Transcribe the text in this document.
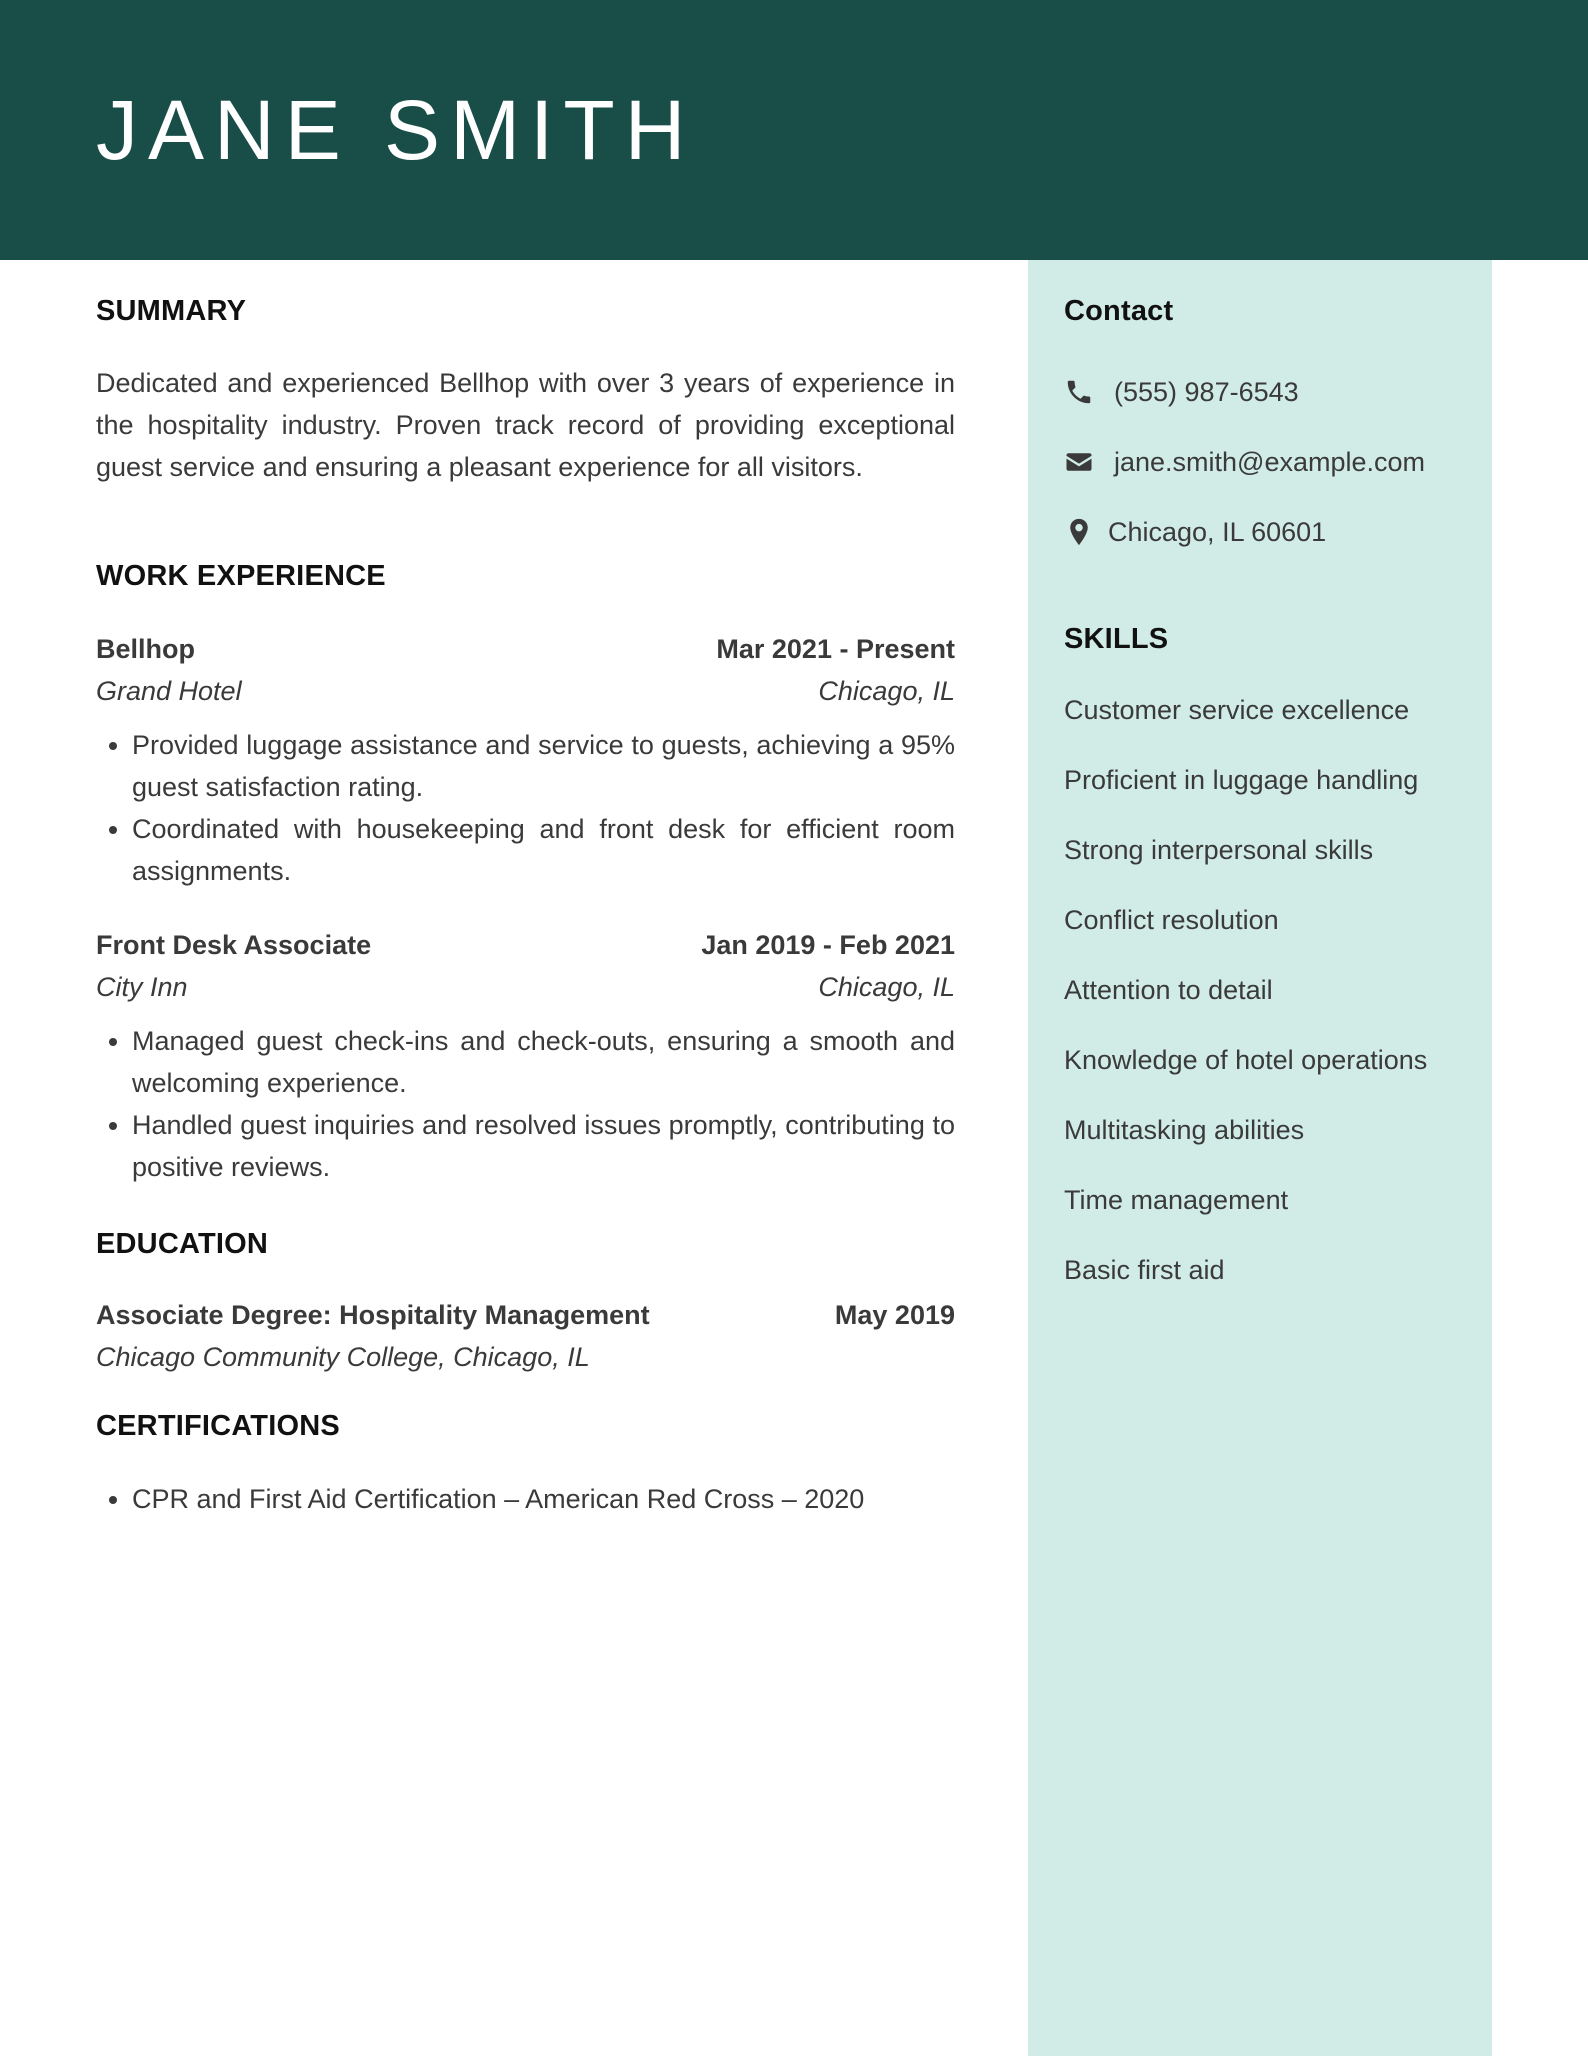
JANE SMITH
Contact
(555) 987-6543
jane.smith@example.com
Chicago, IL 60601
SKILLS
Customer service excellence
Proficient in luggage handling
Strong interpersonal skills
Conflict resolution
Attention to detail
Knowledge of hotel operations
Multitasking abilities
Time management
Basic first aid
SUMMARY

Dedicated and experienced Bellhop with over 3 years of experience in the hospitality industry. Proven track record of providing exceptional guest service and ensuring a pleasant experience for all visitors.

WORK EXPERIENCE
Bellhop	Mar 2021 - Present
Grand Hotel	Chicago, IL
• Provided luggage assistance and service to guests, achieving a 95% guest satisfaction rating.
• Coordinated with housekeeping and front desk for efficient room assignments.
Front Desk Associate	Jan 2019 - Feb 2021
City Inn	Chicago, IL
• Managed guest check-ins and check-outs, ensuring a smooth and welcoming experience.
• Handled guest inquiries and resolved issues promptly, contributing to positive reviews.
EDUCATION
Associate Degree: Hospitality Management	May 2019
Chicago Community College, Chicago, IL
CERTIFICATIONS
• CPR and First Aid Certification – American Red Cross – 2020
